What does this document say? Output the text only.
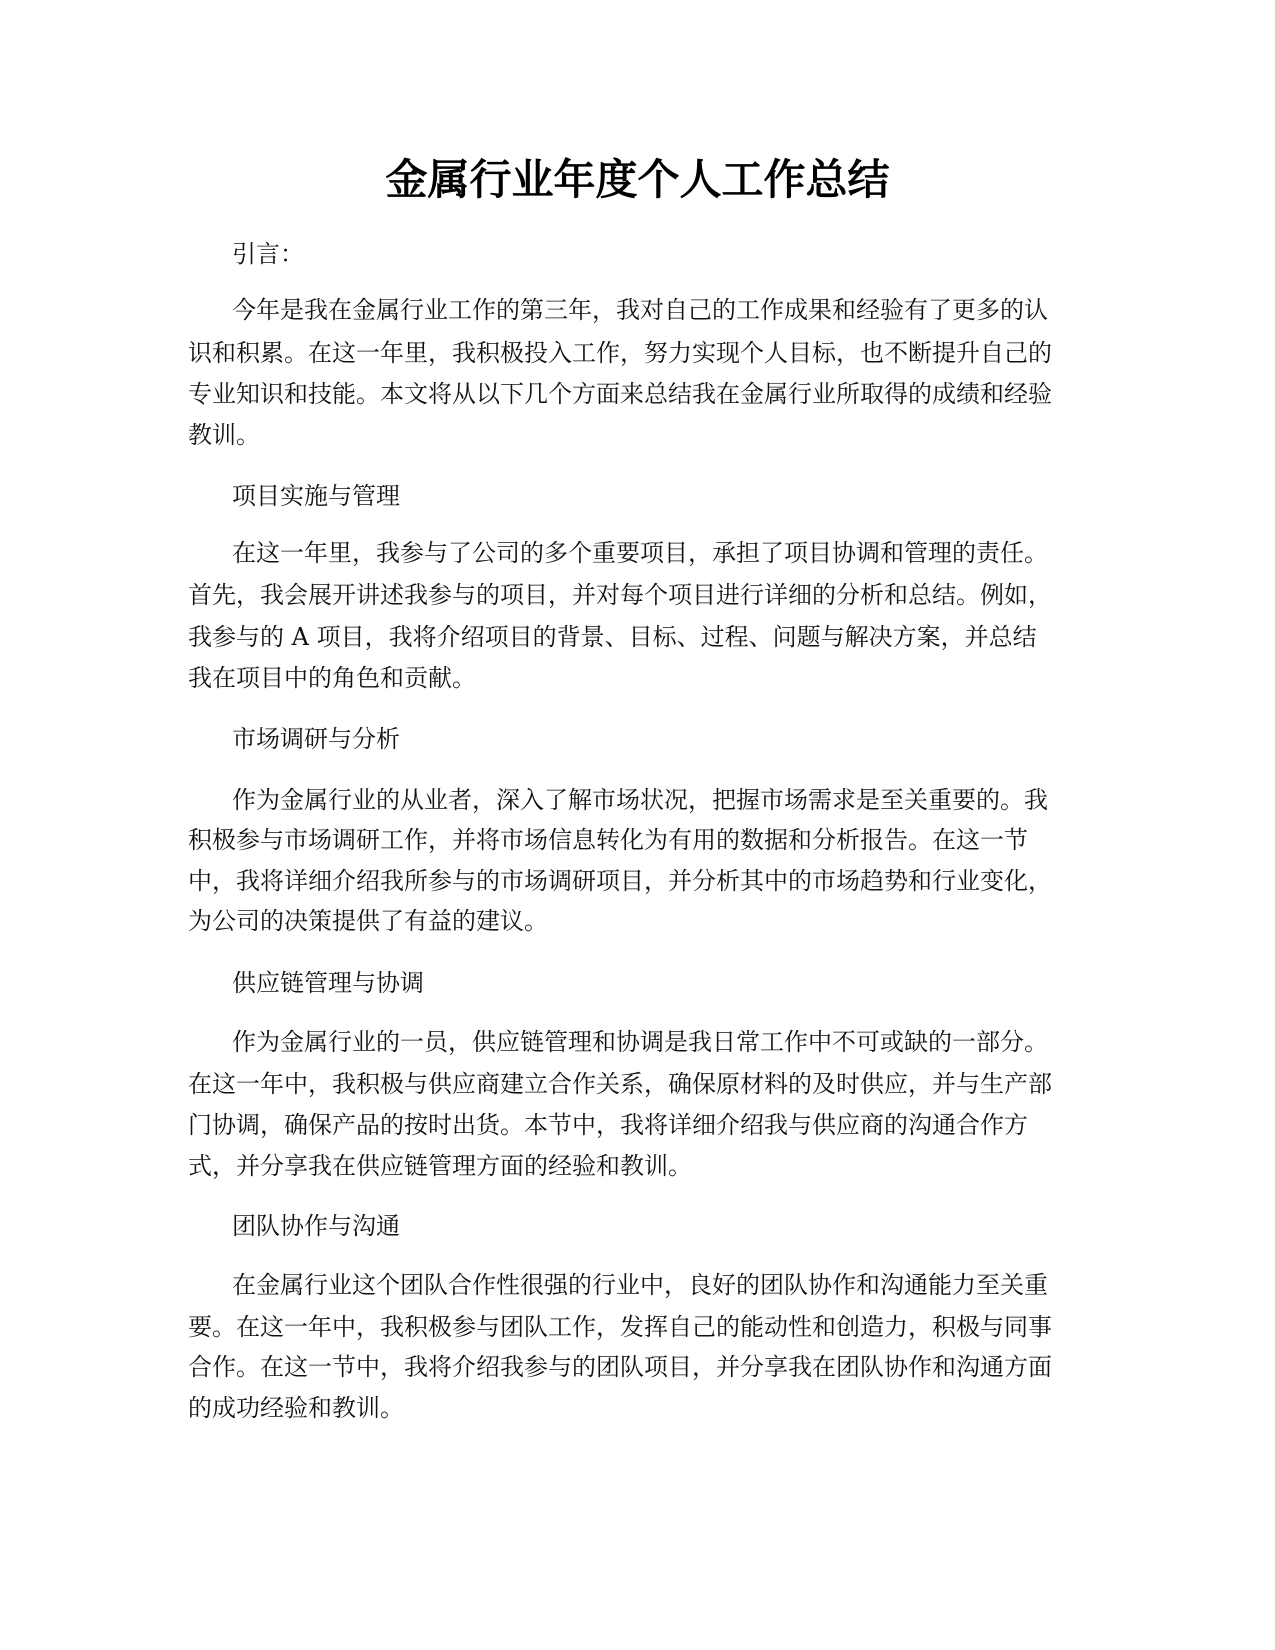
金属行业年度个人工作总结
引言：
今年是我在金属行业工作的第三年，我对自己的工作成果和经验有了更多的认
识和积累。在这一年里，我积极投入工作，努力实现个人目标，也不断提升自己的
专业知识和技能。本文将从以下几个方面来总结我在金属行业所取得的成绩和经验
教训。
项目实施与管理
在这一年里，我参与了公司的多个重要项目，承担了项目协调和管理的责任。
首先，我会展开讲述我参与的项目，并对每个项目进行详细的分析和总结。例如，
我参与的 A 项目，我将介绍项目的背景、目标、过程、问题与解决方案，并总结
我在项目中的角色和贡献。
市场调研与分析
作为金属行业的从业者，深入了解市场状况，把握市场需求是至关重要的。我
积极参与市场调研工作，并将市场信息转化为有用的数据和分析报告。在这一节
中，我将详细介绍我所参与的市场调研项目，并分析其中的市场趋势和行业变化，
为公司的决策提供了有益的建议。
供应链管理与协调
作为金属行业的一员，供应链管理和协调是我日常工作中不可或缺的一部分。
在这一年中，我积极与供应商建立合作关系，确保原材料的及时供应，并与生产部
门协调，确保产品的按时出货。本节中，我将详细介绍我与供应商的沟通合作方
式，并分享我在供应链管理方面的经验和教训。
团队协作与沟通
在金属行业这个团队合作性很强的行业中，良好的团队协作和沟通能力至关重
要。在这一年中，我积极参与团队工作，发挥自己的能动性和创造力，积极与同事
合作。在这一节中，我将介绍我参与的团队项目，并分享我在团队协作和沟通方面
的成功经验和教训。
